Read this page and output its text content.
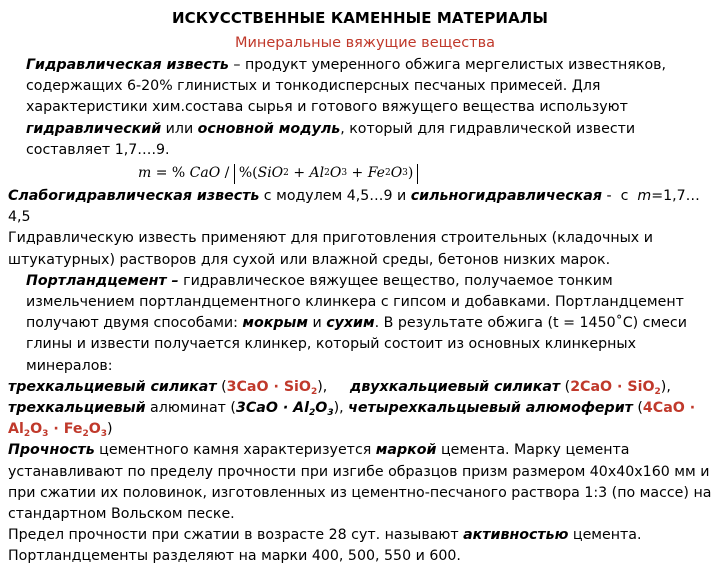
ИСКУССТВЕННЫЕ КАМЕННЫЕ МАТЕРИАЛЫ
Минеральные вяжущие вещества

Гидравлическая известь – продукт умеренного обжига мергелистых известняков, содержащих 6-20% глинистых и тонкодисперсных песчаных примесей. Для характеристики хим.состава сырья и готового вяжущего вещества используют гидравлический или основной модуль, который для гидравлической извести составляет 1,7….9.

m = % CaO / %( SiO 2 + Al 2 O 3 + Fe 2 O 3 )

Слабогидравлическая известь с модулем 4,5…9 и сильногидравлическая -  с  m=1,7…4,5

Гидравлическую известь применяют для приготовления строительных (кладочных и штукатурных) растворов для сухой или влажной среды, бетонов низких марок.

Портландцемент – гидравлическое вяжущее вещество, получаемое тонким измельчением портландцементного клинкера с гипсом и добавками. Портландцемент получают двумя способами: мокрым и сухим. В результате обжига (t = 1450˚С) смеси глины и извести получается клинкер, который состоит из основных клинкерных минералов:

трехкальциевый силикат (3CaO · SiO$_2$),     двухкальциевый силикат (2CaO · SiO$_2$), трехкальциевый алюминат $(3CaO \cdot Al_2O_3)$, четырехкальцыевый алюмоферит (4CaO ·
$Al_2O_3 \cdot Fe_2O_3$)

Прочность цементного камня характеризуется маркой цемента. Марку цемента устанавливают по пределу прочности при изгибе образцов призм размером 40х40х160 мм и при сжатии их половинок, изготовленных из цементно-песчаного раствора 1:3 (по массе) на стандартном Вольском песке.

Предел прочности при сжатии в возрасте 28 сут. называют активностью цемента.

Портландцементы разделяют на марки 400, 500, 550 и 600.
